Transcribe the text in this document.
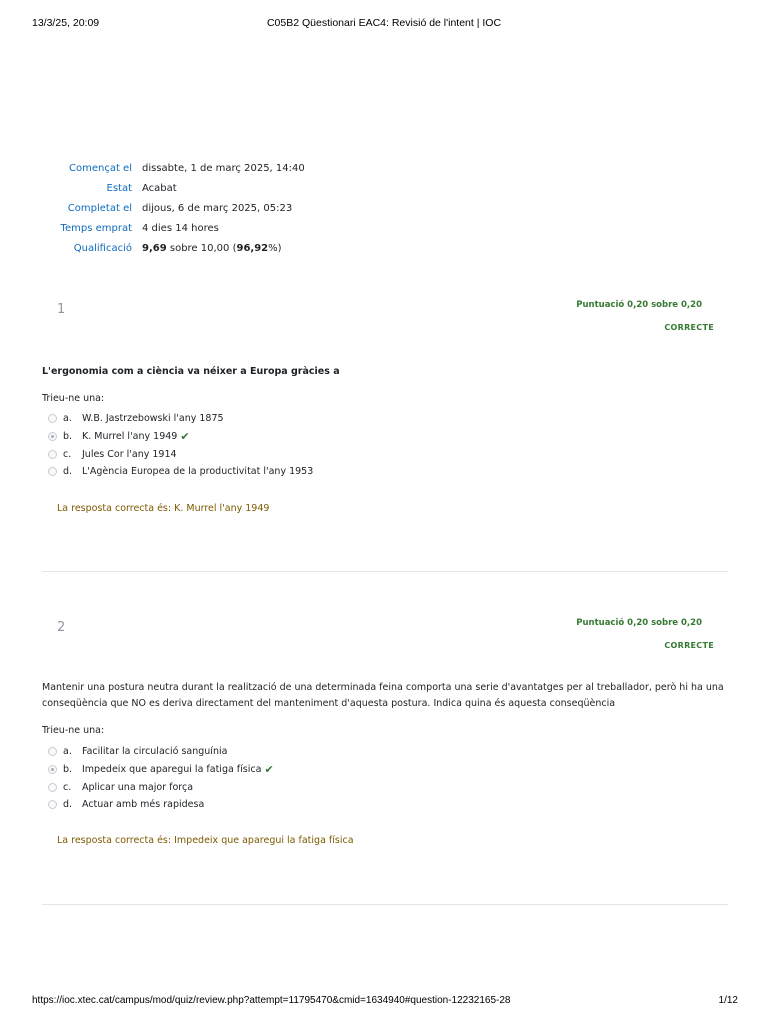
13/3/25, 20:09	C05B2 Qüestionari EAC4: Revisió de l'intent | IOC
Començat el	dissabte, 1 de març 2025, 14:40
Estat	Acabat
Completat el	dijous, 6 de març 2025, 05:23
Temps emprat	4 dies 14 hores
Qualificació	9,69 sobre 10,00 (96,92%)
1	Puntuació 0,20 sobre 0,20
CORRECTE
L'ergonomia com a ciència va néixer a Europa gràcies a
Trieu-ne una:
a.	W.B. Jastrzebowski l'any 1875
b.	K. Murrel l'any 1949 ✔
c.	Jules Cor l'any 1914
d.	L'Agència Europea de la productivitat l'any 1953
La resposta correcta és: K. Murrel l'any 1949
2	Puntuació 0,20 sobre 0,20
CORRECTE
Mantenir una postura neutra durant la realització de una determinada feina comporta una serie d'avantatges per al treballador, però hi ha una conseqüència que NO es deriva directament del manteniment d'aquesta postura. Indica quina és aquesta conseqüència
Trieu-ne una:
a.	Facilitar la circulació sanguínia
b.	Impedeix que aparegui la fatiga física ✔
c.	Aplicar una major força
d.	Actuar amb més rapidesa
La resposta correcta és: Impedeix que aparegui la fatiga física
https://ioc.xtec.cat/campus/mod/quiz/review.php?attempt=11795470&cmid=1634940#question-12232165-28	1/12
